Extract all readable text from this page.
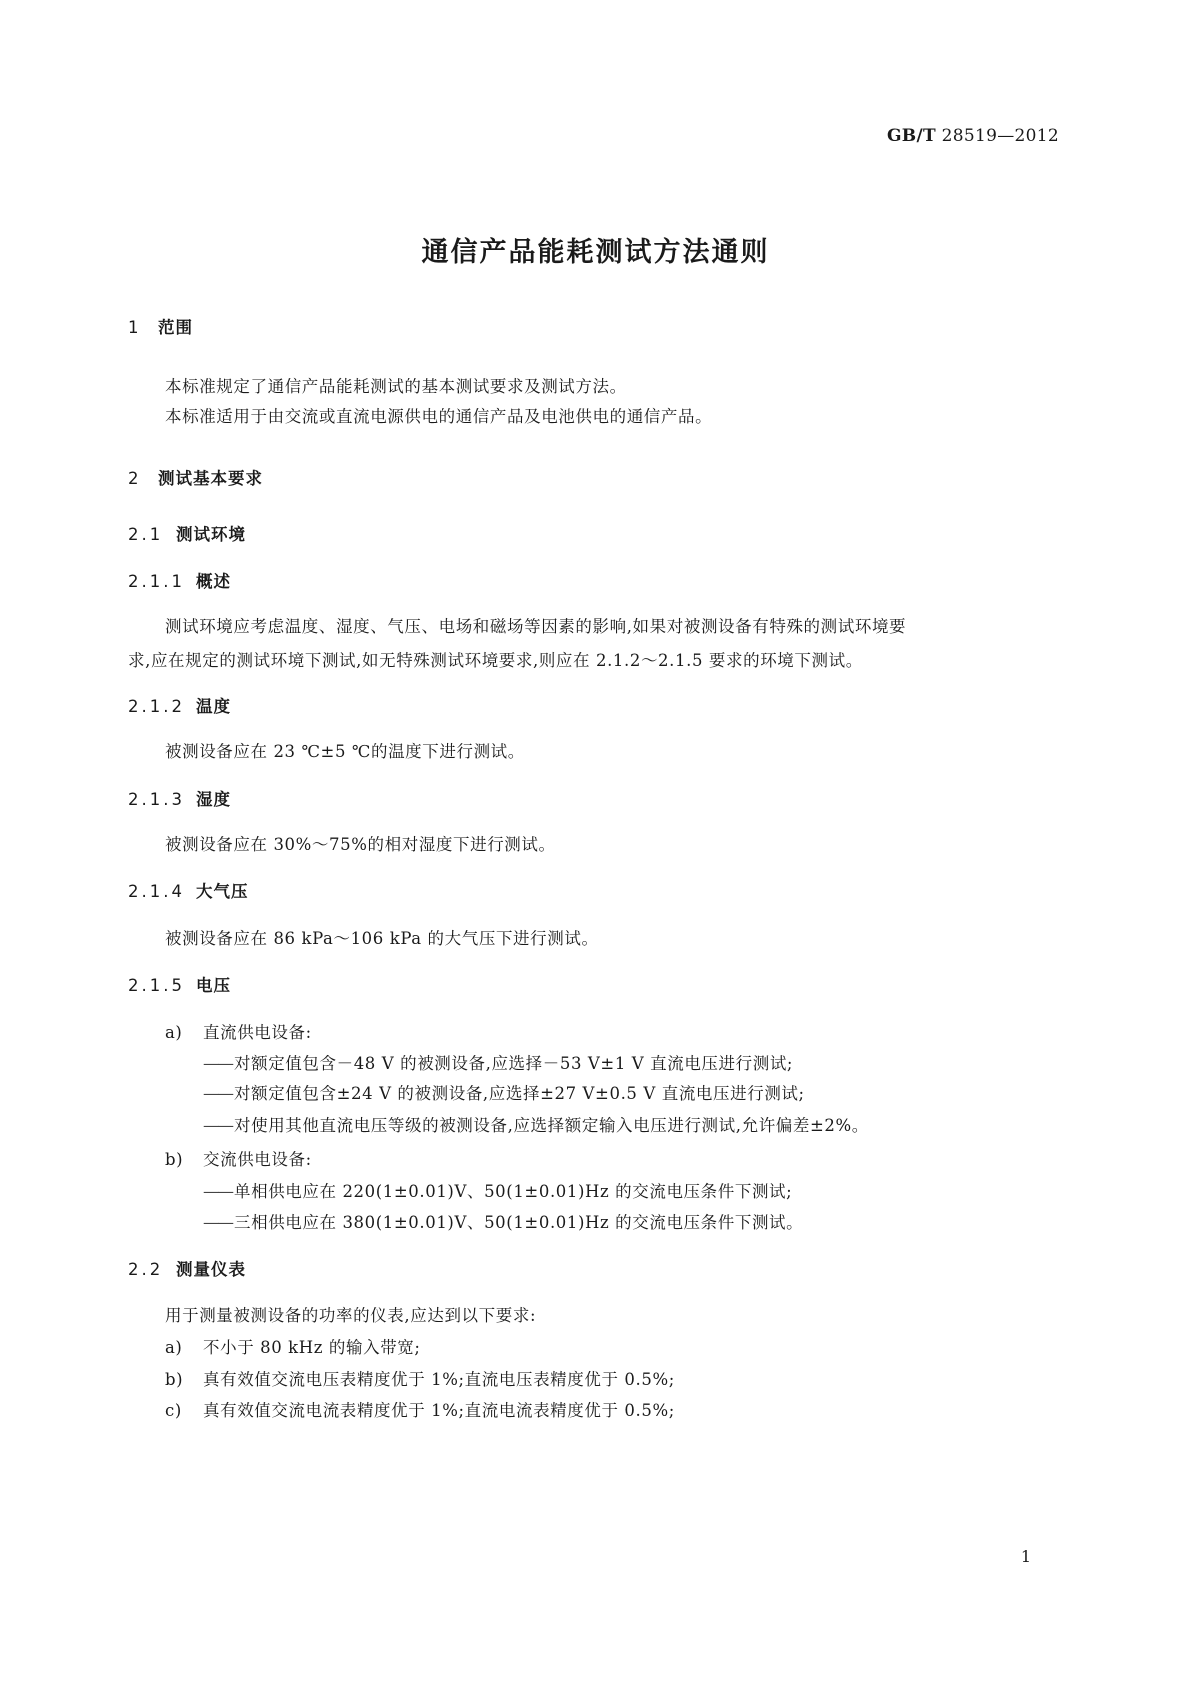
GB/T 28519—2012
通信产品能耗测试方法通则
1 范围
本标准规定了通信产品能耗测试的基本测试要求及测试方法。
本标准适用于由交流或直流电源供电的通信产品及电池供电的通信产品。
2 测试基本要求
2.1 测试环境
2.1.1 概述
测试环境应考虑温度、湿度、气压、电场和磁场等因素的影响,如果对被测设备有特殊的测试环境要
求,应在规定的测试环境下测试,如无特殊测试环境要求,则应在 2.1.2～2.1.5 要求的环境下测试。
2.1.2 温度
被测设备应在 23 ℃±5 ℃的温度下进行测试。
2.1.3 湿度
被测设备应在 30%～75%的相对湿度下进行测试。
2.1.4 大气压
被测设备应在 86 kPa～106 kPa 的大气压下进行测试。
2.1.5 电压
a) 直流供电设备:
—— 对额定值包含－48 V 的被测设备,应选择－53 V±1 V 直流电压进行测试;
—— 对额定值包含±24 V 的被测设备,应选择±27 V±0.5 V 直流电压进行测试;
—— 对使用其他直流电压等级的被测设备,应选择额定输入电压进行测试,允许偏差±2%。
b) 交流供电设备:
—— 单相供电应在 220(1±0.01)V、50(1±0.01)Hz 的交流电压条件下测试;
—— 三相供电应在 380(1±0.01)V、50(1±0.01)Hz 的交流电压条件下测试。
2.2 测量仪表
用于测量被测设备的功率的仪表,应达到以下要求:
a) 不小于 80 kHz 的输入带宽;
b) 真有效值交流电压表精度优于 1%;直流电压表精度优于 0.5%;
c) 真有效值交流电流表精度优于 1%;直流电流表精度优于 0.5%;
1
